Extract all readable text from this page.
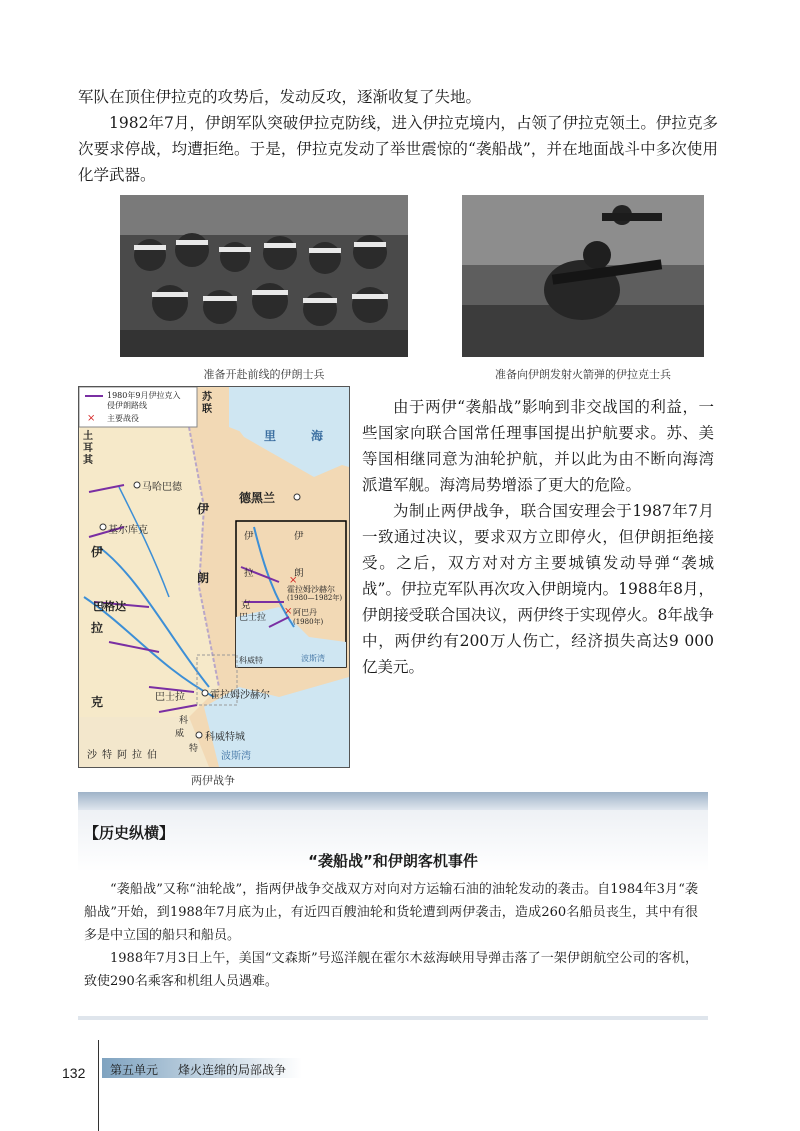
军队在顶住伊拉克的攻势后，发动反攻，逐渐收复了失地。

1982年7月，伊朗军队突破伊拉克防线，进入伊拉克境内，占领了伊拉克领土。伊拉克多次要求停战，均遭拒绝。于是，伊拉克发动了举世震惊的“袭船战”，并在地面战斗中多次使用化学武器。

准备开赴前线的伊朗士兵	准备向伊朗发射火箭弹的伊拉克士兵
×
×
×
1980年9月伊拉克入
侵伊朗路线
主要战役
苏联
土耳其
里	海
伊
朗
伊
拉
克
德黑兰
马哈巴德
基尔库克
巴格达
巴士拉	霍拉姆沙赫尔
科
威
特
科威特城
沙特阿拉伯	波斯湾
伊
拉
克
伊
朗
巴士拉
霍拉姆沙赫尔
(1980—1982年)
阿巴丹
(1980年)
科威特	波斯湾
两伊战争

由于两伊“袭船战”影响到非交战国的利益，一些国家向联合国常任理事国提出护航要求。苏、美等国相继同意为油轮护航，并以此为由不断向海湾派遣军舰。海湾局势增添了更大的危险。

为制止两伊战争，联合国安理会于1987年7月一致通过决议，要求双方立即停火，但伊朗拒绝接受。之后，双方对对方主要城镇发动导弹“袭城战”。伊拉克军队再次攻入伊朗境内。1988年8月，伊朗接受联合国决议，两伊终于实现停火。8年战争中，两伊约有200万人伤亡，经济损失高达9 000亿美元。

【历史纵横】
“袭船战”和伊朗客机事件

“袭船战”又称“油轮战”，指两伊战争交战双方对向对方运输石油的油轮发动的袭击。自1984年3月“袭船战”开始，到1988年7月底为止，有近四百艘油轮和货轮遭到两伊袭击，造成260名船员丧生，其中有很多是中立国的船只和船员。

1988年7月3日上午，美国“文森斯”号巡洋舰在霍尔木兹海峡用导弹击落了一架伊朗航空公司的客机，致使290名乘客和机组人员遇难。

132 第五单元 烽火连绵的局部战争
